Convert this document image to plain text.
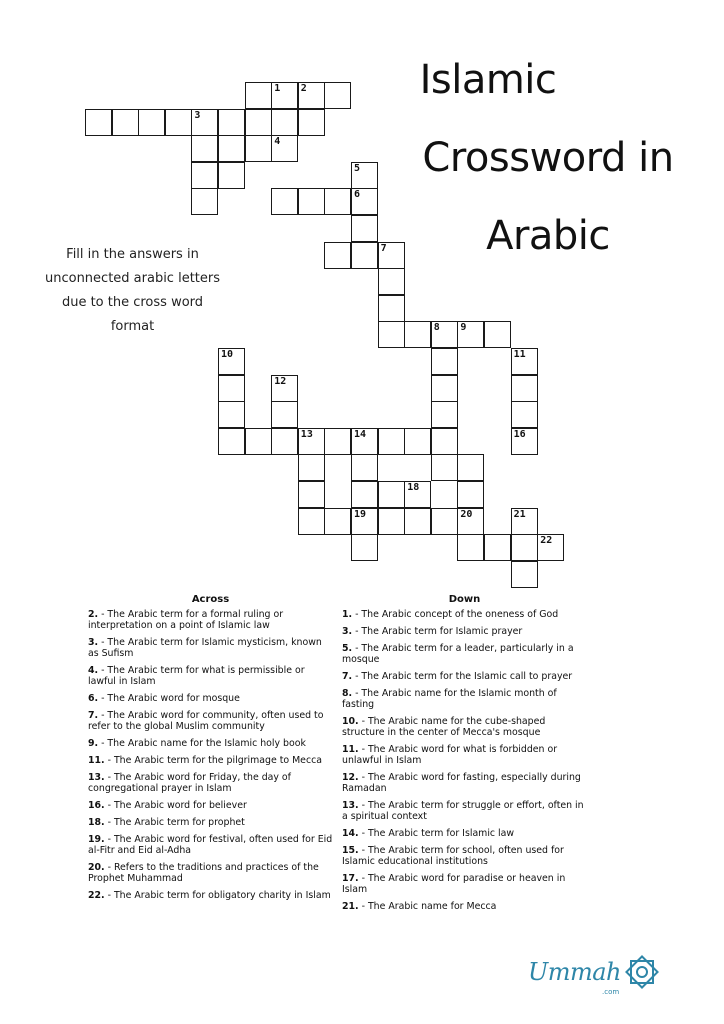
Islamic
Crossword in
Arabic
Fill in the answers in unconnected arabic letters due to the cross word format
1 2
3
4
5
6
7
8 9
10	11
12
13	14	16
18
19	20	21
22
Across
2. - The Arabic term for a formal ruling or interpretation on a point of Islamic law
3. - The Arabic term for Islamic mysticism, known as Sufism
4. - The Arabic term for what is permissible or lawful in Islam
6. - The Arabic word for mosque
7. - The Arabic word for community, often used to refer to the global Muslim community
9. - The Arabic name for the Islamic holy book
11. - The Arabic term for the pilgrimage to Mecca
13. - The Arabic word for Friday, the day of congregational prayer in Islam
16. - The Arabic word for believer
18. - The Arabic term for prophet
19. - The Arabic word for festival, often used for Eid al-Fitr and Eid al-Adha
20. - Refers to the traditions and practices of the Prophet Muhammad
22. - The Arabic term for obligatory charity in Islam
Down
1. - The Arabic concept of the oneness of God
3. - The Arabic term for Islamic prayer
5. - The Arabic term for a leader, particularly in a mosque
7. - The Arabic term for the Islamic call to prayer
8. - The Arabic name for the Islamic month of fasting
10. - The Arabic name for the cube-shaped structure in the center of Mecca's mosque
11. - The Arabic word for what is forbidden or unlawful in Islam
12. - The Arabic word for fasting, especially during Ramadan
13. - The Arabic term for struggle or effort, often in a spiritual context
14. - The Arabic term for Islamic law
15. - The Arabic term for school, often used for Islamic educational institutions
17. - The Arabic word for paradise or heaven in Islam
21. - The Arabic name for Mecca
Ummah
.com
